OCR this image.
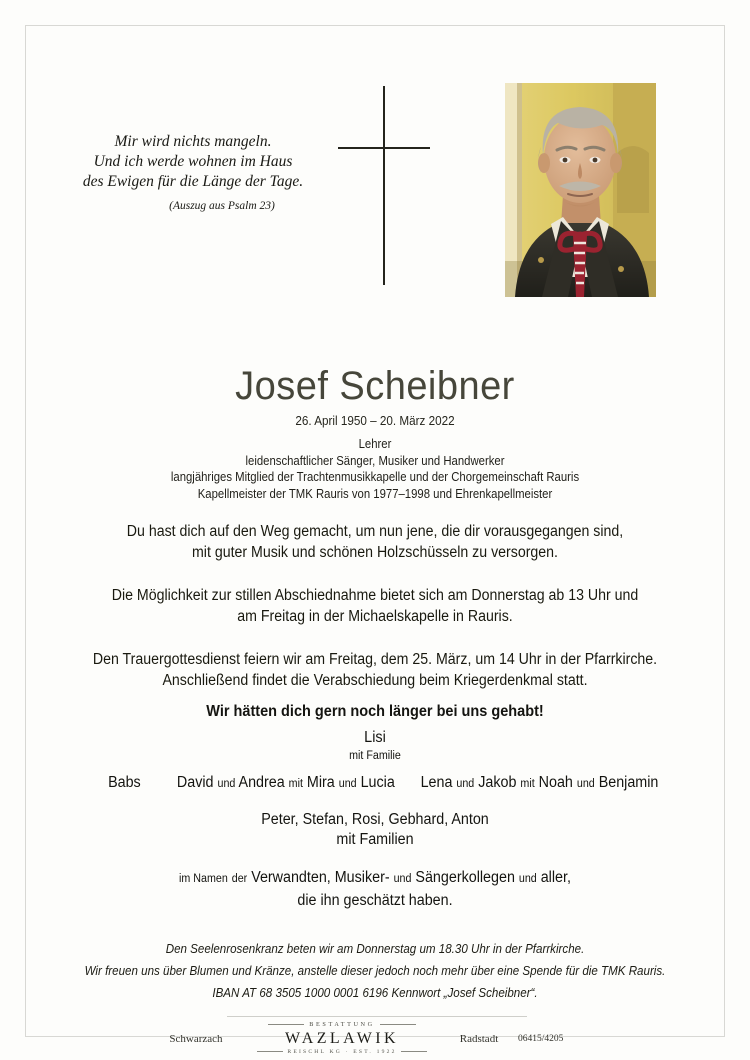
Mir wird nichts mangeln.
Und ich werde wohnen im Haus
des Ewigen für die Länge der Tage.
(Auszug aus Psalm 23)
Josef Scheibner
26. April 1950 – 20. März 2022
Lehrer
leidenschaftlicher Sänger, Musiker und Handwerker
langjähriges Mitglied der Trachtenmusikkapelle und der Chorgemeinschaft Rauris
Kapellmeister der TMK Rauris von 1977–1998 und Ehrenkapellmeister
Du hast dich auf den Weg gemacht, um nun jene, die dir vorausgegangen sind,
mit guter Musik und schönen Holzschüsseln zu versorgen.
Die Möglichkeit zur stillen Abschiednahme bietet sich am Donnerstag ab 13 Uhr und
am Freitag in der Michaelskapelle in Rauris.
Den Trauergottesdienst feiern wir am Freitag, dem 25. März, um 14 Uhr in der Pfarrkirche.
Anschließend findet die Verabschiedung beim Kriegerdenkmal statt.
Wir hätten dich gern noch länger bei uns gehabt!
Lisi
mit Familie
Babs David und Andrea mit Mira und Lucia Lena und Jakob mit Noah und Benjamin
Peter, Stefan, Rosi, Gebhard, Anton
mit Familien
im Namen der Verwandten, Musiker- und Sängerkollegen und aller,
die ihn geschätzt haben.
Den Seelenrosenkranz beten wir am Donnerstag um 18.30 Uhr in der Pfarrkirche.
Wir freuen uns über Blumen und Kränze, anstelle dieser jedoch noch mehr über eine Spende für die TMK Rauris.
IBAN AT 68 3505 1000 0001 6196 Kennwort „Josef Scheibner“.
Schwarzach
BESTATTUNG
WAZLAWIK
REISCHL KG · EST. 1922
Radstadt	06415/4205
